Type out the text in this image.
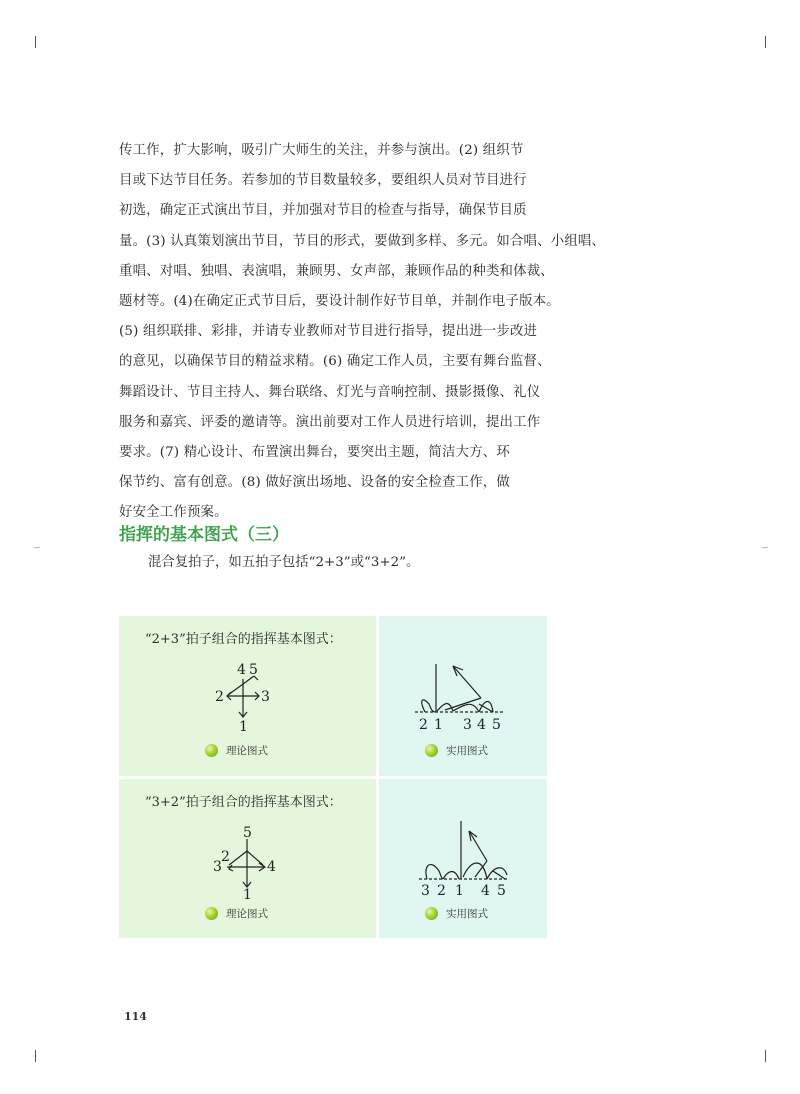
传工作，扩大影响，吸引广大师生的关注，并参与演出。(2) 组织节
目或下达节目任务。若参加的节目数量较多，要组织人员对节目进行
初选，确定正式演出节目，并加强对节目的检查与指导，确保节目质
量。(3) 认真策划演出节目，节目的形式，要做到多样、多元。如合唱、小组唱、
重唱、对唱、独唱、表演唱，兼顾男、女声部，兼顾作品的种类和体裁、
题材等。(4)在确定正式节目后，要设计制作好节目单，并制作电子版本。
(5) 组织联排、彩排，并请专业教师对节目进行指导，提出进一步改进
的意见，以确保节目的精益求精。(6) 确定工作人员，主要有舞台监督、
舞蹈设计、节目主持人、舞台联络、灯光与音响控制、摄影摄像、礼仪
服务和嘉宾、评委的邀请等。演出前要对工作人员进行培训，提出工作
要求。(7) 精心设计、布置演出舞台，要突出主题，简洁大方、环
保节约、富有创意。(8) 做好演出场地、设备的安全检查工作，做
好安全工作预案。

指挥的基本图式（三）

混合复拍子，如五拍子包括“2+3”或“3+2”。

“2+3”拍子组合的指挥基本图式：
4 5
2	3
1
理论图式
2 1 3 4 5
实用图式
“3+2”拍子组合的指挥基本图式：
5
2
3	4
1
理论图式
3 2 1 4 5
实用图式
114
